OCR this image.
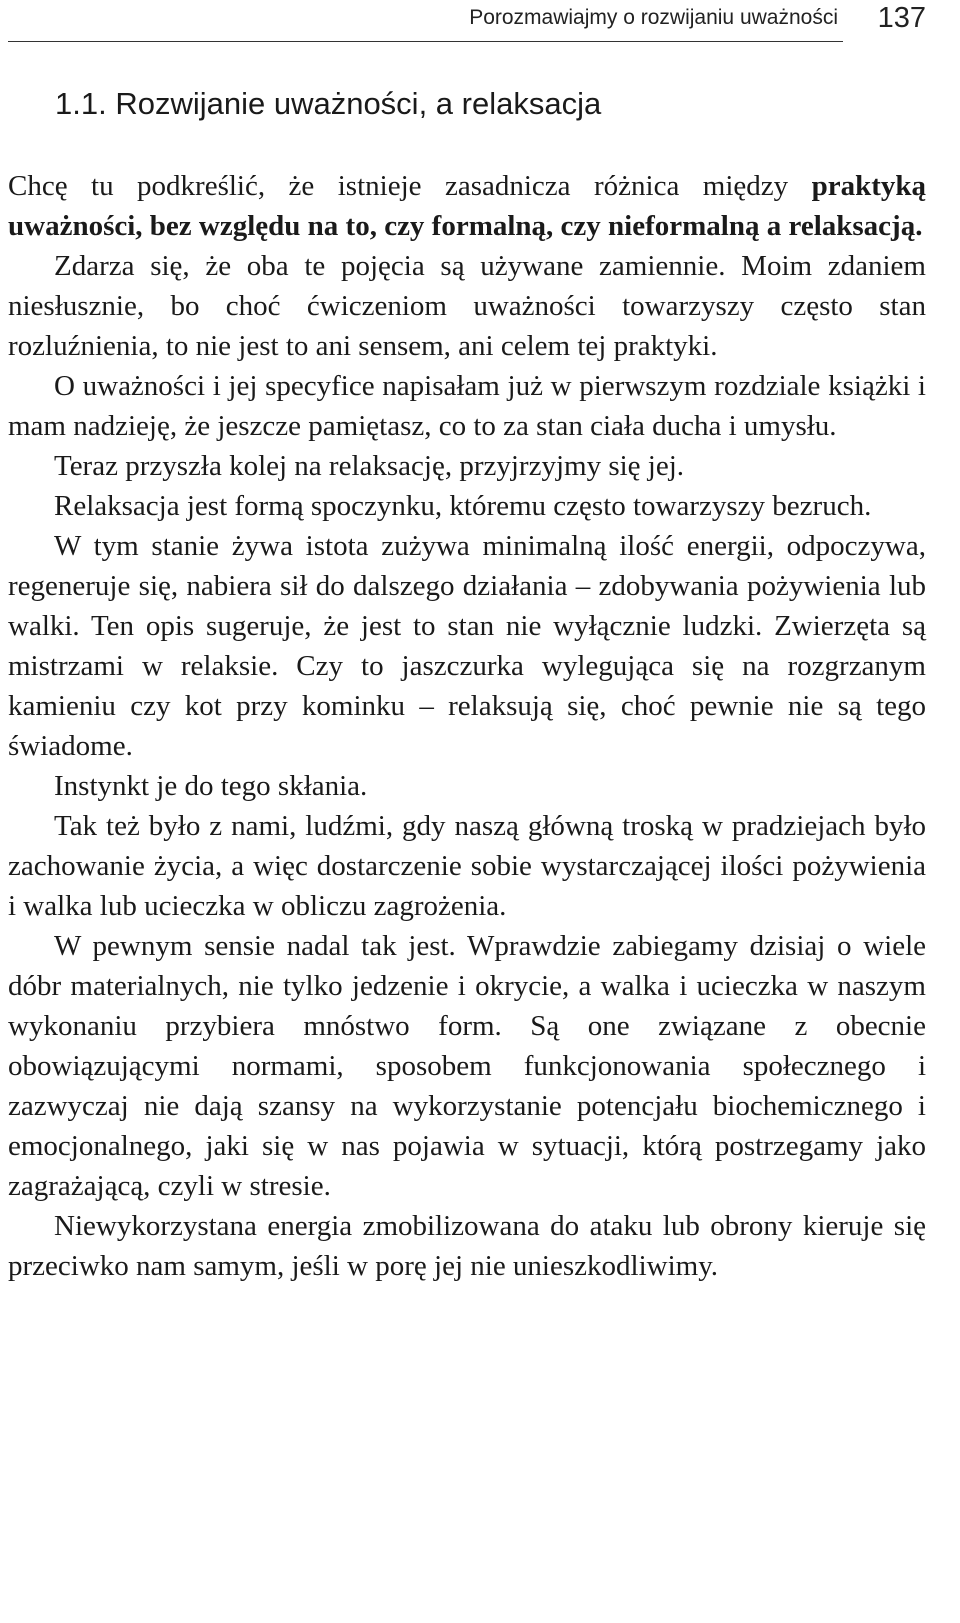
Porozmawiajmy o rozwijaniu uważności 137
1.1. Rozwijanie uważności, a relaksacja

Chcę tu podkreślić, że istnieje zasadnicza różnica między praktyką uważności, bez względu na to, czy formalną, czy nieformalną a relaksacją.

Zdarza się, że oba te pojęcia są używane zamiennie. Moim zdaniem niesłusznie, bo choć ćwiczeniom uważności towarzyszy często stan rozluźnienia, to nie jest to ani sensem, ani celem tej praktyki.

O uważności i jej specyfice napisałam już w pierwszym rozdziale książki i mam nadzieję, że jeszcze pamiętasz, co to za stan ciała ducha i umysłu.

Teraz przyszła kolej na relaksację, przyjrzyjmy się jej.

Relaksacja jest formą spoczynku, któremu często towarzyszy bezruch.

W tym stanie żywa istota zużywa minimalną ilość energii, odpoczywa, regeneruje się, nabiera sił do dalszego działania – zdobywania pożywienia lub walki. Ten opis sugeruje, że jest to stan nie wyłącznie ludzki. Zwierzęta są mistrzami w relaksie. Czy to jaszczurka wylegująca się na rozgrzanym kamieniu czy kot przy kominku – relaksują się, choć pewnie nie są tego świadome.

Instynkt je do tego skłania.

Tak też było z nami, ludźmi, gdy naszą główną troską w pradziejach było zachowanie życia, a więc dostarczenie sobie wystarczającej ilości pożywienia i walka lub ucieczka w obliczu zagrożenia.

W pewnym sensie nadal tak jest. Wprawdzie zabiegamy dzisiaj o wiele dóbr materialnych, nie tylko jedzenie i okrycie, a walka i ucieczka w naszym wykonaniu przybiera mnóstwo form. Są one związane z obecnie obowiązującymi normami, sposobem funkcjonowania społecznego i zazwyczaj nie dają szansy na wykorzystanie potencjału biochemicznego i emocjonalnego, jaki się w nas pojawia w sytuacji, którą postrzegamy jako zagrażającą, czyli w stresie.

Niewykorzystana energia zmobilizowana do ataku lub obrony kieruje się przeciwko nam samym, jeśli w porę jej nie unieszkodliwimy.
